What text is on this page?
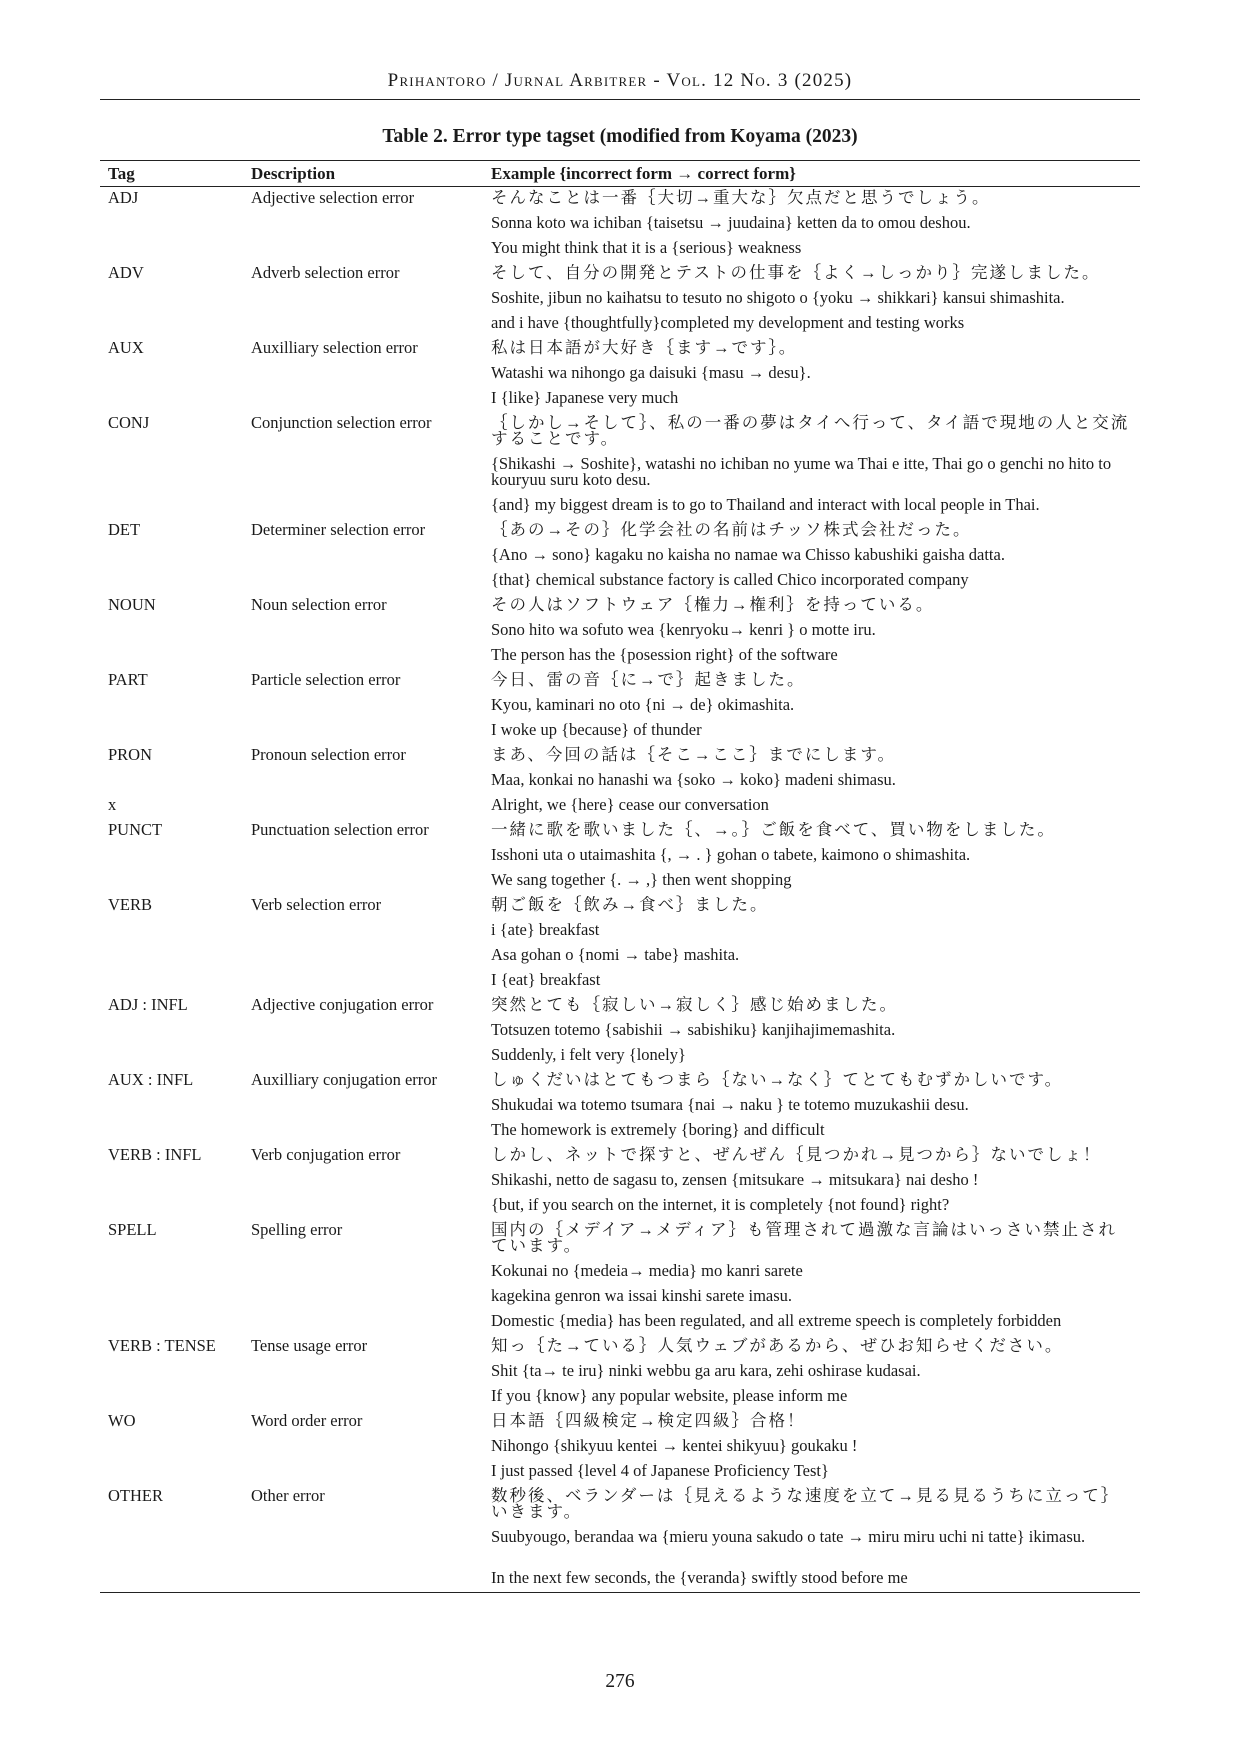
Prihantoro / Jurnal Arbitrer - Vol. 12 No. 3 (2025)
Table 2. Error type tagset (modified from Koyama (2023)
Tag	Description	Example {incorrect form → correct form}
ADJ	Adjective selection error	そんなことは一番｛大切→重大な｝欠点だと思うでしょう。
		Sonna koto wa ichiban {taisetsu → juudaina} ketten da to omou deshou.
		You might think that it is a {serious} weakness
ADV	Adverb selection error	そして、自分の開発とテストの仕事を｛よく→しっかり｝完遂しました。
		Soshite, jibun no kaihatsu to tesuto no shigoto o {yoku → shikkari} kansui shimashita.
		and i have {thoughtfully}completed my development and testing works
AUX	Auxilliary selection error	私は日本語が大好き｛ます→です｝。
		Watashi wa nihongo ga daisuki {masu → desu}.
		I {like} Japanese very much
CONJ	Conjunction selection error	｛しかし→そして｝、私の一番の夢はタイへ行って、タイ語で現地の人と交流することです。
		{Shikashi → Soshite}, watashi no ichiban no yume wa Thai e itte, Thai go o genchi no hito to kouryuu suru koto desu.
		{and} my biggest dream is to go to Thailand and interact with local people in Thai.
DET	Determiner selection error	｛あの→その｝化学会社の名前はチッソ株式会社だった。
		{Ano → sono} kagaku no kaisha no namae wa Chisso kabushiki gaisha datta.
		{that} chemical substance factory is called Chico incorporated company
NOUN	Noun selection error	その人はソフトウェア｛権力→権利｝を持っている。
		Sono hito wa sofuto wea {kenryoku→ kenri } o motte iru.
		The person has the {posession right} of the software
PART	Particle selection error	今日、雷の音｛に→で｝起きました。
		Kyou, kaminari no oto {ni → de} okimashita.
		I woke up {because} of thunder
PRON	Pronoun selection error	まあ、今回の話は｛そこ→ここ｝までにします。
		Maa, konkai no hanashi wa {soko → koko} madeni shimasu.
x		Alright, we {here} cease our conversation
PUNCT	Punctuation selection error	一緒に歌を歌いました｛、→。｝ご飯を食べて、買い物をしました。
		Isshoni uta o utaimashita {, → . } gohan o tabete, kaimono o shimashita.
		We sang together {. → ,} then went shopping
VERB	Verb selection error	朝ご飯を｛飲み→食べ｝ました。
		i {ate} breakfast
		Asa gohan o {nomi → tabe} mashita.
		I {eat} breakfast
ADJ : INFL	Adjective conjugation error	突然とても｛寂しい→寂しく｝感じ始めました。
		Totsuzen totemo {sabishii → sabishiku} kanjihajimemashita.
		Suddenly, i felt very {lonely}
AUX : INFL	Auxilliary conjugation error	しゅくだいはとてもつまら｛ない→なく｝てとてもむずかしいです。
		Shukudai wa totemo tsumara {nai → naku } te totemo muzukashii desu.
		The homework is extremely {boring} and difficult
VERB : INFL	Verb conjugation error	しかし、ネットで探すと、ぜんぜん｛見つかれ→見つから｝ないでしょ！
		Shikashi, netto de sagasu to, zensen {mitsukare → mitsukara} nai desho !
		{but, if you search on the internet, it is completely {not found} right?
SPELL	Spelling error	国内の｛メデイア→メディア｝も管理されて過激な言論はいっさい禁止されています。
		Kokunai no {medeia→ media} mo kanri sarete
		kagekina genron wa issai kinshi sarete imasu.
		Domestic {media} has been regulated, and all extreme speech is completely forbidden
VERB : TENSE	Tense usage error	知っ｛た→ている｝人気ウェブがあるから、ぜひお知らせください。
		Shit {ta→ te iru} ninki webbu ga aru kara, zehi oshirase kudasai.
		If you {know} any popular website, please inform me
WO	Word order error	日本語｛四級検定→検定四級｝合格！
		Nihongo {shikyuu kentei → kentei shikyuu} goukaku !
		I just passed {level 4 of Japanese Proficiency Test}
OTHER	Other error	数秒後、ベランダーは｛見えるような速度を立て→見る見るうちに立って｝いきます。
		Suubyougo, berandaa wa {mieru youna sakudo o tate → miru miru uchi ni tatte} ikimasu.
		In the next few seconds, the {veranda} swiftly stood before me
276
